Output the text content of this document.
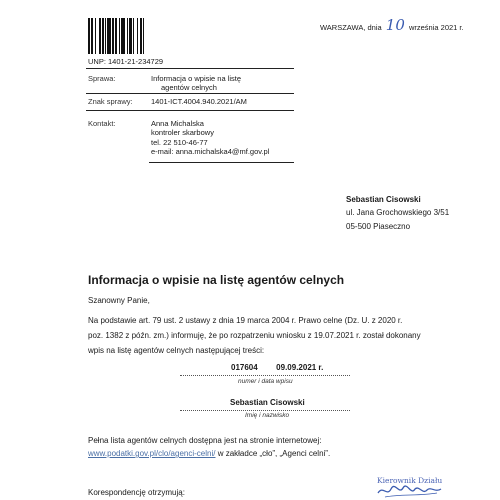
WARSZAWA, dnia 10 września 2021 r.
UNP: 1401-21-234729
Sprawa:	Informacja o wpisie na listę
agentów celnych
Znak sprawy: 1401-ICT.4004.940.2021/AM
Kontakt:	Anna Michalska
kontroler skarbowy
tel. 22 510-46-77
e-mail: anna.michalska4@mf.gov.pl
Sebastian Cisowski
ul. Jana Grochowskiego 3/51
05-500 Piaseczno
Informacja o wpisie na listę agentów celnych
Szanowny Panie,
Na podstawie art. 79 ust. 2 ustawy z dnia 19 marca 2004 r. Prawo celne (Dz. U. z 2020 r.
poz. 1382 z późn. zm.) informuję, że po rozpatrzeniu wniosku z 19.07.2021 r. został dokonany
wpis na listę agentów celnych następującej treści:
017604 09.09.2021 r.
numer i data wpisu
Sebastian Cisowski
Imię i nazwisko
Pełna lista agentów celnych dostępna jest na stronie internetowej:
www.podatki.gov.pl/clo/agenci-celni/ w zakładce „cło”, „Agenci celni”.
Kierownik Działu
Korespondencję otrzymują:
